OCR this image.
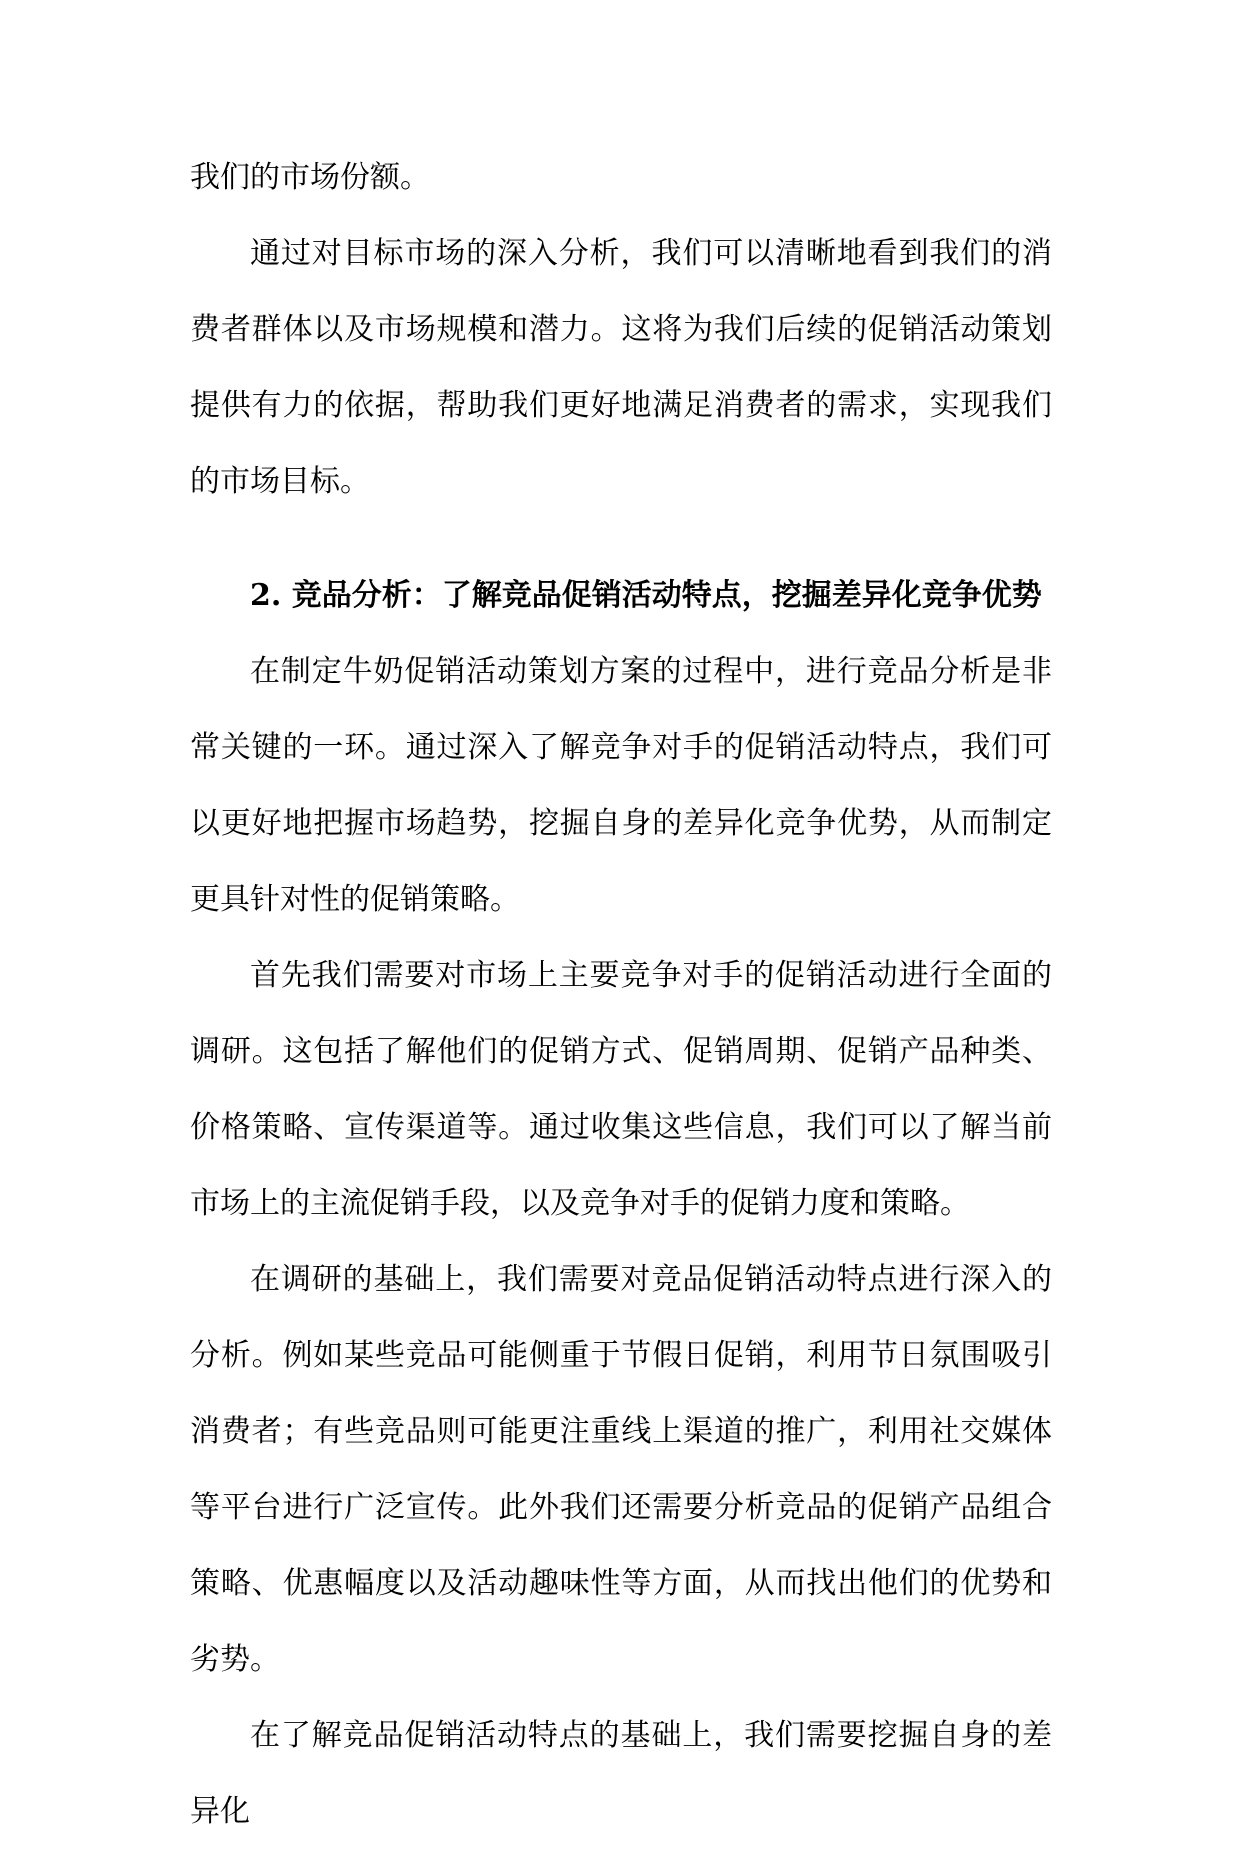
我们的市场份额。

通过对目标市场的深入分析，我们可以清晰地看到我们的消费者群体以及市场规模和潜力。这将为我们后续的促销活动策划提供有力的依据，帮助我们更好地满足消费者的需求，实现我们的市场目标。

2. 竞品分析：了解竞品促销活动特点，挖掘差异化竞争优势

在制定牛奶促销活动策划方案的过程中，进行竞品分析是非常关键的一环。通过深入了解竞争对手的促销活动特点，我们可以更好地把握市场趋势，挖掘自身的差异化竞争优势，从而制定更具针对性的促销策略。

首先我们需要对市场上主要竞争对手的促销活动进行全面的调研。这包括了解他们的促销方式、促销周期、促销产品种类、价格策略、宣传渠道等。通过收集这些信息，我们可以了解当前市场上的主流促销手段，以及竞争对手的促销力度和策略。

在调研的基础上，我们需要对竞品促销活动特点进行深入的分析。例如某些竞品可能侧重于节假日促销，利用节日氛围吸引消费者；有些竞品则可能更注重线上渠道的推广，利用社交媒体等平台进行广泛宣传。此外我们还需要分析竞品的促销产品组合策略、优惠幅度以及活动趣味性等方面，从而找出他们的优势和劣势。

在了解竞品促销活动特点的基础上，我们需要挖掘自身的差异化
